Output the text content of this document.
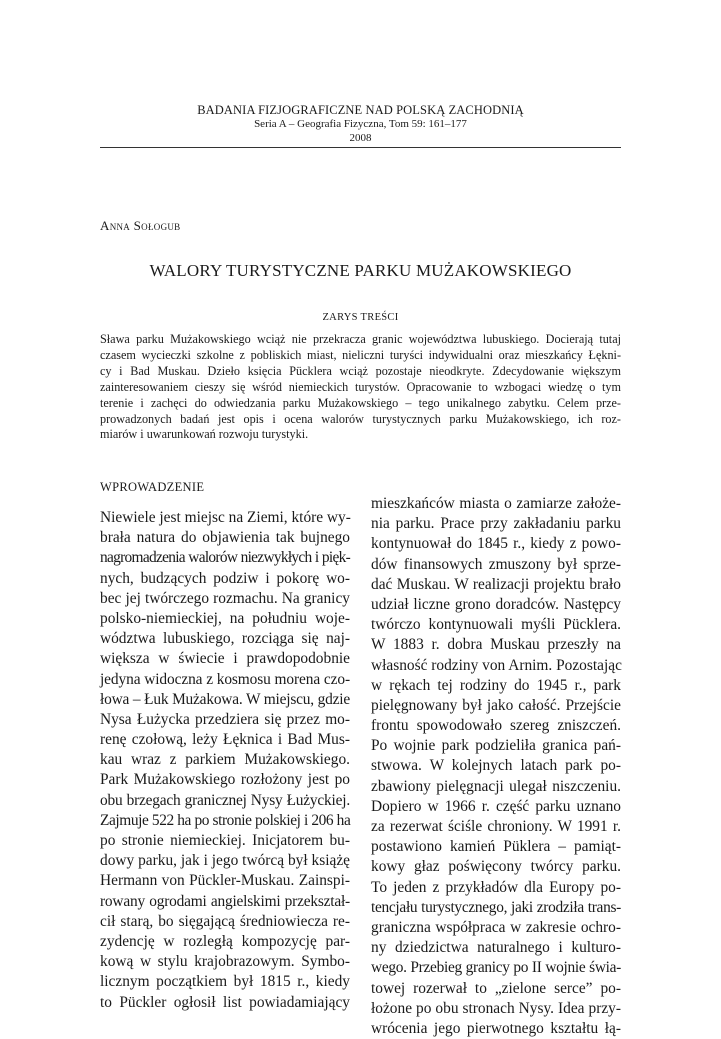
BADANIA FIZJOGRAFICZNE NAD POLSKĄ ZACHODNIĄ
Seria A – Geografia Fizyczna, Tom 59: 161–177
2008
Anna Sołogub
WALORY TURYSTYCZNE PARKU MUŻAKOWSKIEGO
ZARYS TREŚCI

Sława parku Mużakowskiego wciąż nie przekracza granic województwa lubuskiego. Docierają tutaj

czasem wycieczki szkolne z pobliskich miast, nieliczni turyści indywidualni oraz mieszkańcy Łękni-

cy i Bad Muskau. Dzieło księcia Pücklera wciąż pozostaje nieodkryte. Zdecydowanie większym

zainteresowaniem cieszy się wśród niemieckich turystów. Opracowanie to wzbogaci wiedzę o tym

terenie i zachęci do odwiedzania parku Mużakowskiego – tego unikalnego zabytku. Celem prze-

prowadzonych badań jest opis i ocena walorów turystycznych parku Mużakowskiego, ich roz-

miarów i uwarunkowań rozwoju turystyki.

WPROWADZENIE
Niewiele jest miejsc na Ziemi, które wy-
brała natura do objawienia tak bujnego
nagromadzenia walorów niezwykłych i pięk-
nych, budzących podziw i pokorę wo-
bec jej twórczego rozmachu. Na granicy
polsko-niemieckiej, na południu woje-
wództwa lubuskiego, rozciąga się naj-
większa w świecie i prawdopodobnie
jedyna widoczna z kosmosu morena czo-
łowa – Łuk Mużakowa. W miejscu, gdzie
Nysa Łużycka przedziera się przez mo-
renę czołową, leży Łęknica i Bad Mus-
kau wraz z parkiem Mużakowskiego.
Park Mużakowskiego rozłożony jest po
obu brzegach granicznej Nysy Łużyckiej.
Zajmuje 522 ha po stronie polskiej i 206 ha
po stronie niemieckiej. Inicjatorem bu-
dowy parku, jak i jego twórcą był książę
Hermann von Pückler-Muskau. Zainspi-
rowany ogrodami angielskimi przekształ-
cił starą, bo sięgającą średniowiecza re-
zydencję w rozległą kompozycję par-
kową w stylu krajobrazowym. Symbo-
licznym początkiem był 1815 r., kiedy
to Pückler ogłosił list powiadamiający
mieszkańców miasta o zamiarze założe-
nia parku. Prace przy zakładaniu parku
kontynuował do 1845 r., kiedy z powo-
dów finansowych zmuszony był sprze-
dać Muskau. W realizacji projektu brało
udział liczne grono doradców. Następcy
twórczo kontynuowali myśli Pücklera.
W 1883 r. dobra Muskau przeszły na
własność rodziny von Arnim. Pozostając
w rękach tej rodziny do 1945 r., park
pielęgnowany był jako całość. Przejście
frontu spowodowało szereg zniszczeń.
Po wojnie park podzieliła granica pań-
stwowa. W kolejnych latach park po-
zbawiony pielęgnacji ulegał niszczeniu.
Dopiero w 1966 r. część parku uznano
za rezerwat ściśle chroniony. W 1991 r.
postawiono kamień Püklera – pamiąt-
kowy głaz poświęcony twórcy parku.
To jeden z przykładów dla Europy po-
tencjału turystycznego, jaki zrodziła trans-
graniczna współpraca w zakresie ochro-
ny dziedzictwa naturalnego i kulturo-
wego. Przebieg granicy po II wojnie świa-
towej rozerwał to „zielone serce” po-
łożone po obu stronach Nysy. Idea przy-
wrócenia jego pierwotnego kształtu łą-
